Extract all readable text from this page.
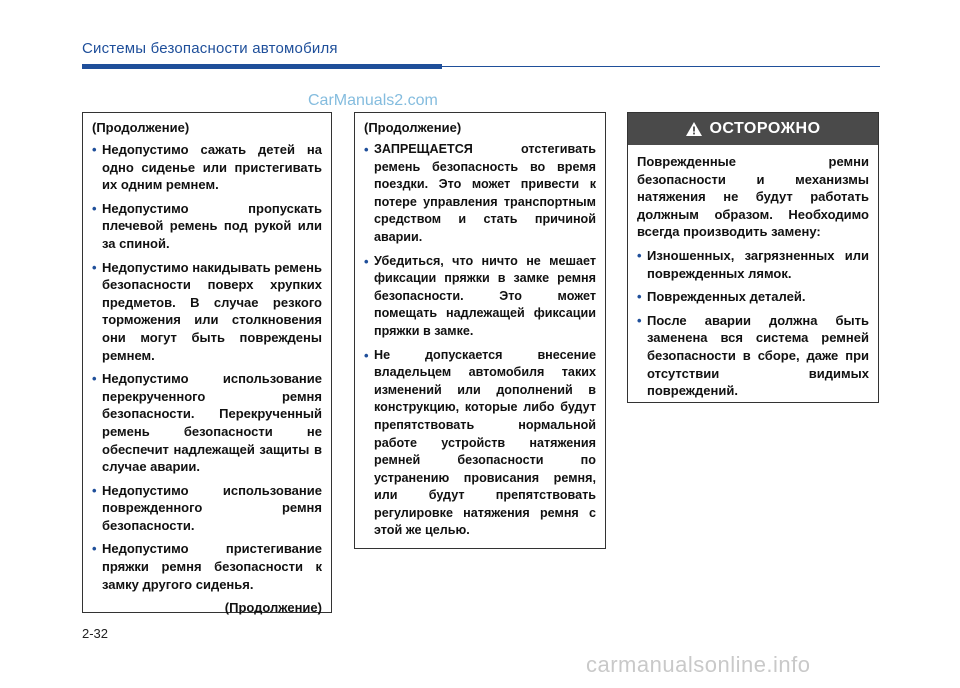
Системы безопасности автомобиля
CarManuals2.com
(Продолжение)
• Недопустимо сажать детей на одно сиденье или пристегивать их одним ремнем.
• Недопустимо пропускать плечевой ремень под рукой или за спиной.
• Недопустимо накидывать ремень безопасности поверх хрупких предметов. В случае резкого торможения или столкновения они могут быть повреждены ремнем.
• Недопустимо использование перекрученного ремня безопасности. Перекрученный ремень безопасности не обеспечит надлежащей защиты в случае аварии.
• Недопустимо использование поврежденного ремня безопасности.
• Недопустимо пристегивание пряжки ремня безопасности к замку другого сиденья.
(Продолжение)
(Продолжение)
• ЗАПРЕЩАЕТСЯ отстегивать ремень безопасность во время поездки. Это может привести к потере управления транспортным средством и стать причиной аварии.
• Убедиться, что ничто не мешает фиксации пряжки в замке ремня безопасности. Это может помещать надлежащей фиксации пряжки в замке.
• Не допускается внесение владельцем автомобиля таких изменений или дополнений в конструкцию, которые либо будут препятствовать нормальной работе устройств натяжения ремней безопасности по устранению провисания ремня, или будут препятствовать регулировке натяжения ремня с этой же целью.
ОСТОРОЖНО
Поврежденные ремни безопасности и механизмы натяжения не будут работать должным образом. Необходимо всегда производить замену:
• Изношенных, загрязненных или поврежденных лямок.
• Поврежденных деталей.
• После аварии должна быть заменена вся система ремней безопасности в сборе, даже при отсутствии видимых повреждений.
2-32
carmanualsonline.info
